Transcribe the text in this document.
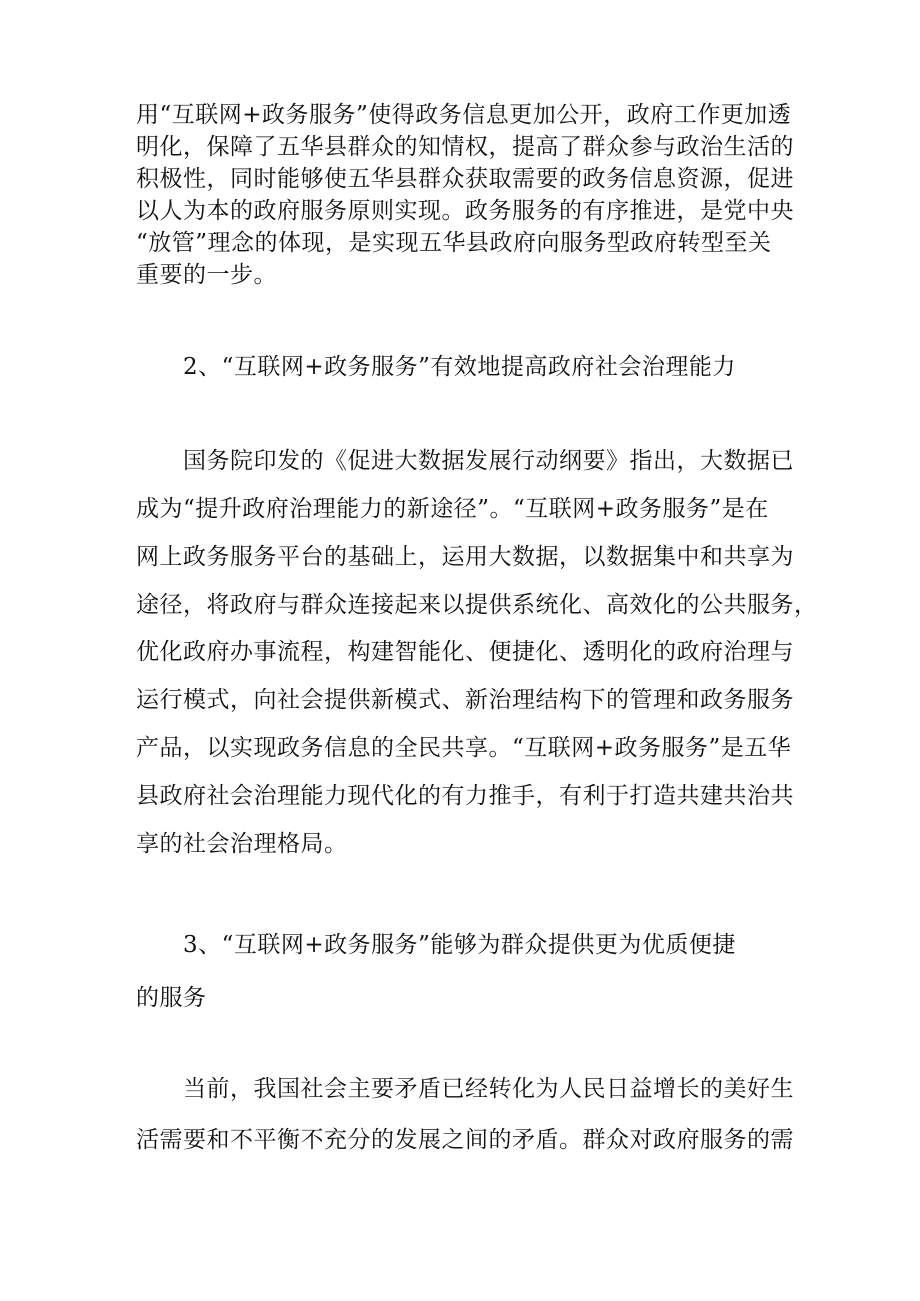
用“互联网+政务服务”使得政务信息更加公开，政府工作更加透
明化，保障了五华县群众的知情权，提高了群众参与政治生活的
积极性，同时能够使五华县群众获取需要的政务信息资源，促进
以人为本的政府服务原则实现。政务服务的有序推进，是党中央
“放管”理念的体现，是实现五华县政府向服务型政府转型至关
重要的一步。
2、“互联网+政务服务”有效地提高政府社会治理能力
国务院印发的《促进大数据发展行动纲要》指出，大数据已
成为“提升政府治理能力的新途径”。“互联网+政务服务”是在
网上政务服务平台的基础上，运用大数据，以数据集中和共享为
途径，将政府与群众连接起来以提供系统化、高效化的公共服务，
优化政府办事流程，构建智能化、便捷化、透明化的政府治理与
运行模式，向社会提供新模式、新治理结构下的管理和政务服务
产品，以实现政务信息的全民共享。“互联网+政务服务”是五华
县政府社会治理能力现代化的有力推手，有利于打造共建共治共
享的社会治理格局。
3、“互联网+政务服务”能够为群众提供更为优质便捷
的服务
当前，我国社会主要矛盾已经转化为人民日益增长的美好生
活需要和不平衡不充分的发展之间的矛盾。群众对政府服务的需
